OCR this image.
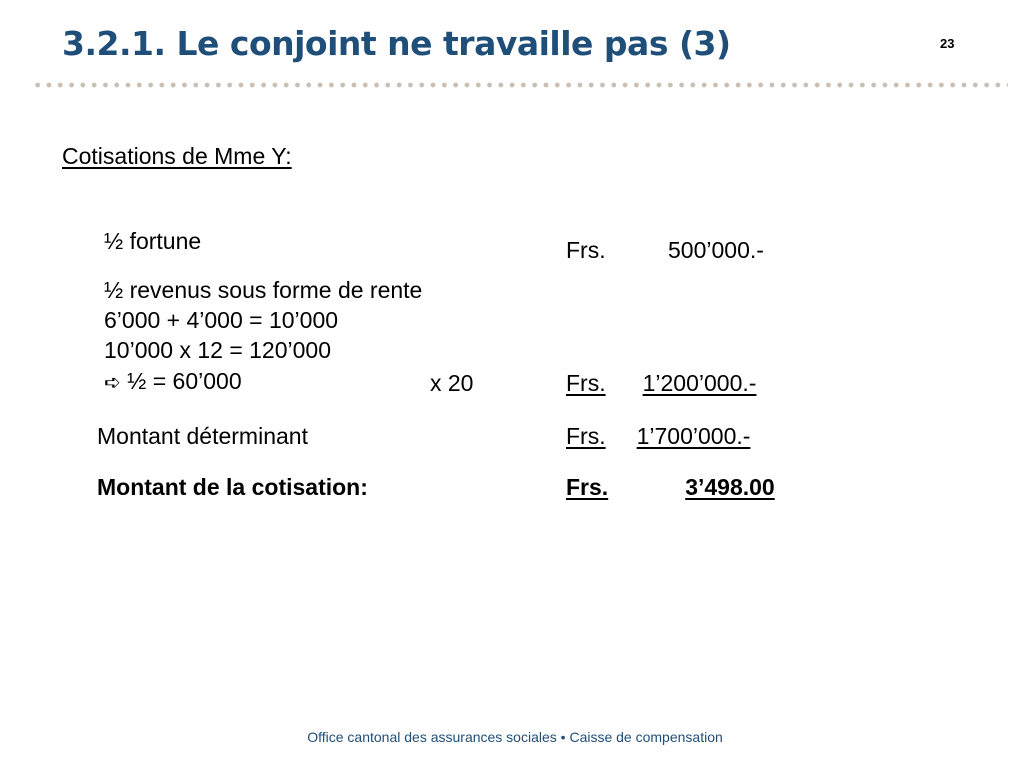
3.2.1. Le conjoint ne travaille pas (3)	23
Cotisations de Mme Y:
½ fortune	Frs.	500’000.-
½ revenus sous forme de rente
6’000 + 4’000 = 10’000
10’000 x 12 = 120’000
➪ ½ = 60’000	x 20	Frs. 1’200’000.-
Montant déterminant	Frs. 1’700’000.-
Montant de la cotisation:	Frs.	3’498.00
Office cantonal des assurances sociales • Caisse de compensation
